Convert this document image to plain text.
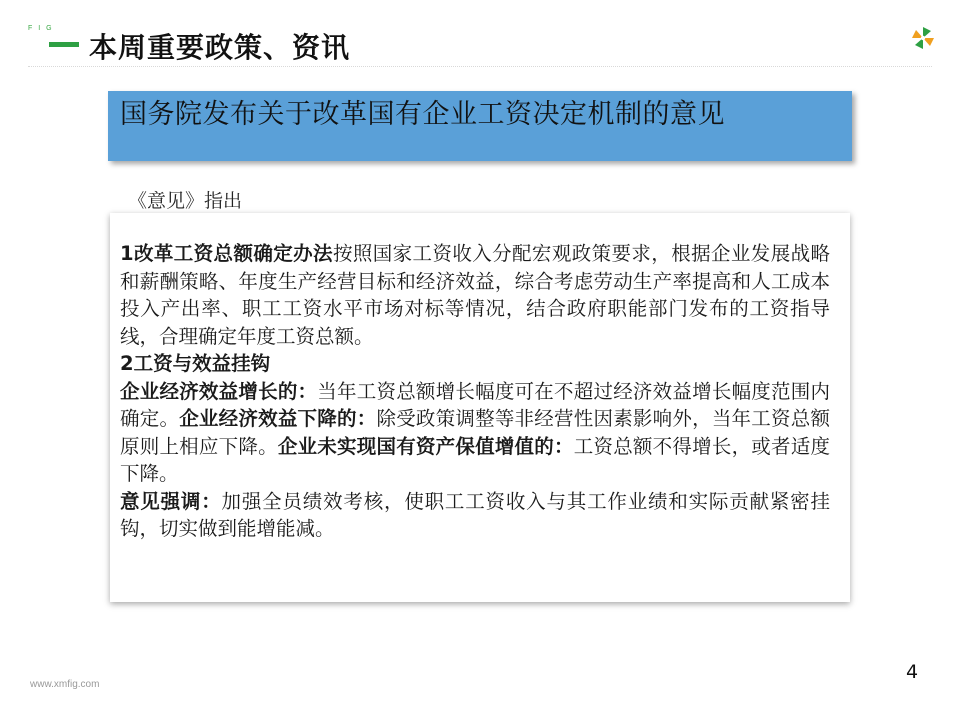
F I G
本周重要政策、资讯
国务院发布关于改革国有企业工资决定机制的意见
《意见》指出

1改革工资总额确定办法按照国家工资收入分配宏观政策要求，根据企业发展战略和薪酬策略、年度生产经营目标和经济效益，综合考虑劳动生产率提高和人工成本投入产出率、职工工资水平市场对标等情况，结合政府职能部门发布的工资指导线，合理确定年度工资总额。

2工资与效益挂钩

企业经济效益增长的：当年工资总额增长幅度可在不超过经济效益增长幅度范围内确定。企业经济效益下降的：除受政策调整等非经营性因素影响外，当年工资总额原则上相应下降。企业未实现国有资产保值增值的：工资总额不得增长，或者适度下降。

意见强调：加强全员绩效考核，使职工工资收入与其工作业绩和实际贡献紧密挂钩，切实做到能增能减。

4
www.xmfig.com
